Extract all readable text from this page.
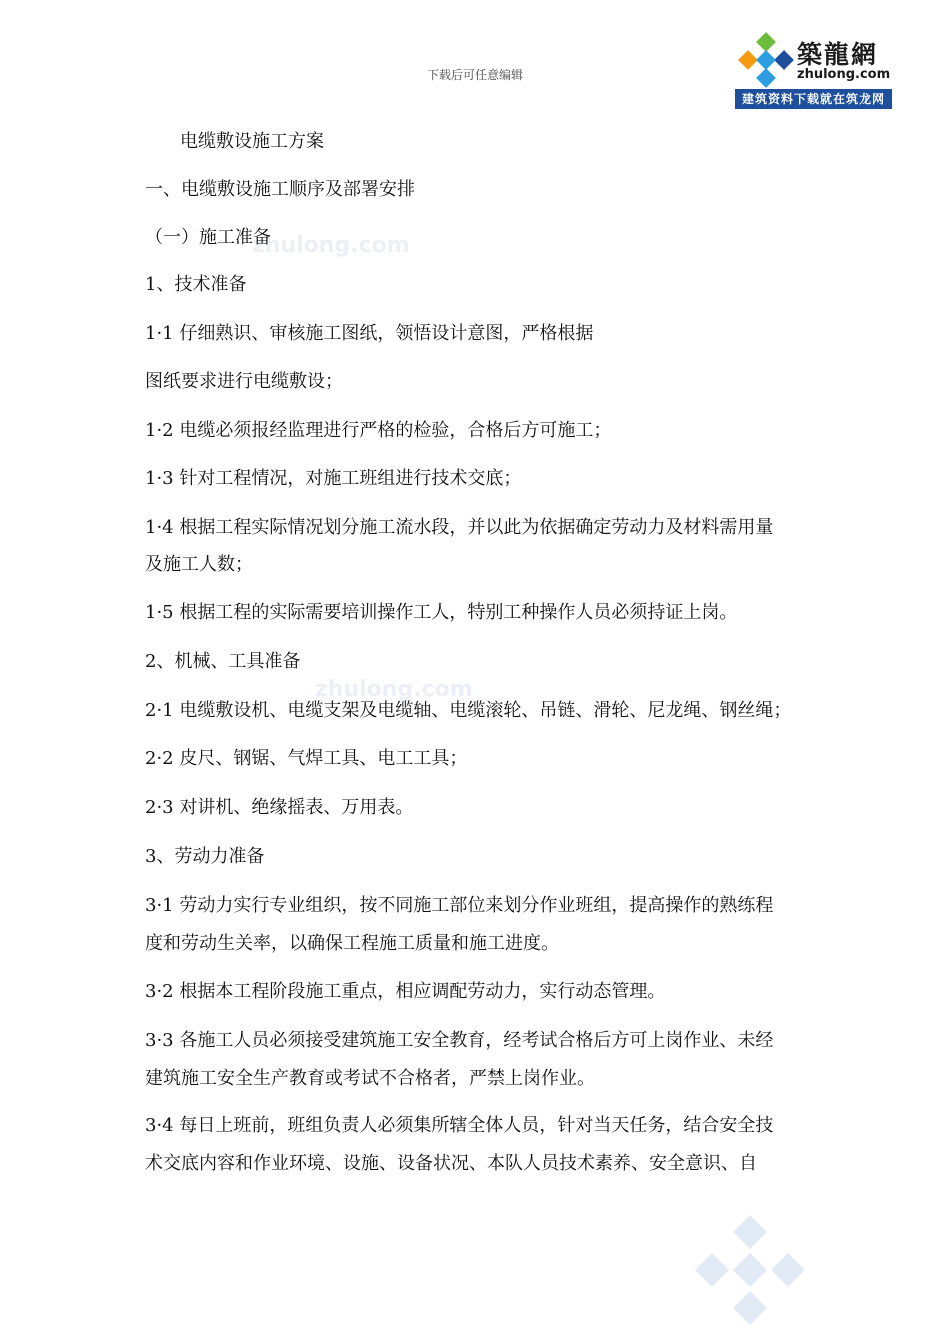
下载后可任意编辑
築龍網
zhulong.com
建筑资料下载就在筑龙网
zhulong.com
zhulong.com
电缆敷设施工方案
一、电缆敷设施工顺序及部署安排
（一）施工准备
1、技术准备
1·1 仔细熟识、审核施工图纸，领悟设计意图，严格根据
图纸要求进行电缆敷设；
1·2 电缆必须报经监理进行严格的检验，合格后方可施工；
1·3 针对工程情况，对施工班组进行技术交底；
1·4 根据工程实际情况划分施工流水段，并以此为依据确定劳动力及材料需用量
及施工人数；
1·5 根据工程的实际需要培训操作工人，特别工种操作人员必须持证上岗。
2、机械、工具准备
2·1 电缆敷设机、电缆支架及电缆轴、电缆滚轮、吊链、滑轮、尼龙绳、钢丝绳；
2·2 皮尺、钢锯、气焊工具、电工工具；
2·3 对讲机、绝缘摇表、万用表。
3、劳动力准备
3·1 劳动力实行专业组织，按不同施工部位来划分作业班组，提高操作的熟练程
度和劳动生关率，以确保工程施工质量和施工进度。
3·2 根据本工程阶段施工重点，相应调配劳动力，实行动态管理。
3·3 各施工人员必须接受建筑施工安全教育，经考试合格后方可上岗作业、未经
建筑施工安全生产教育或考试不合格者，严禁上岗作业。
3·4 每日上班前，班组负责人必须集所辖全体人员，针对当天任务，结合安全技
术交底内容和作业环境、设施、设备状况、本队人员技术素养、安全意识、自
